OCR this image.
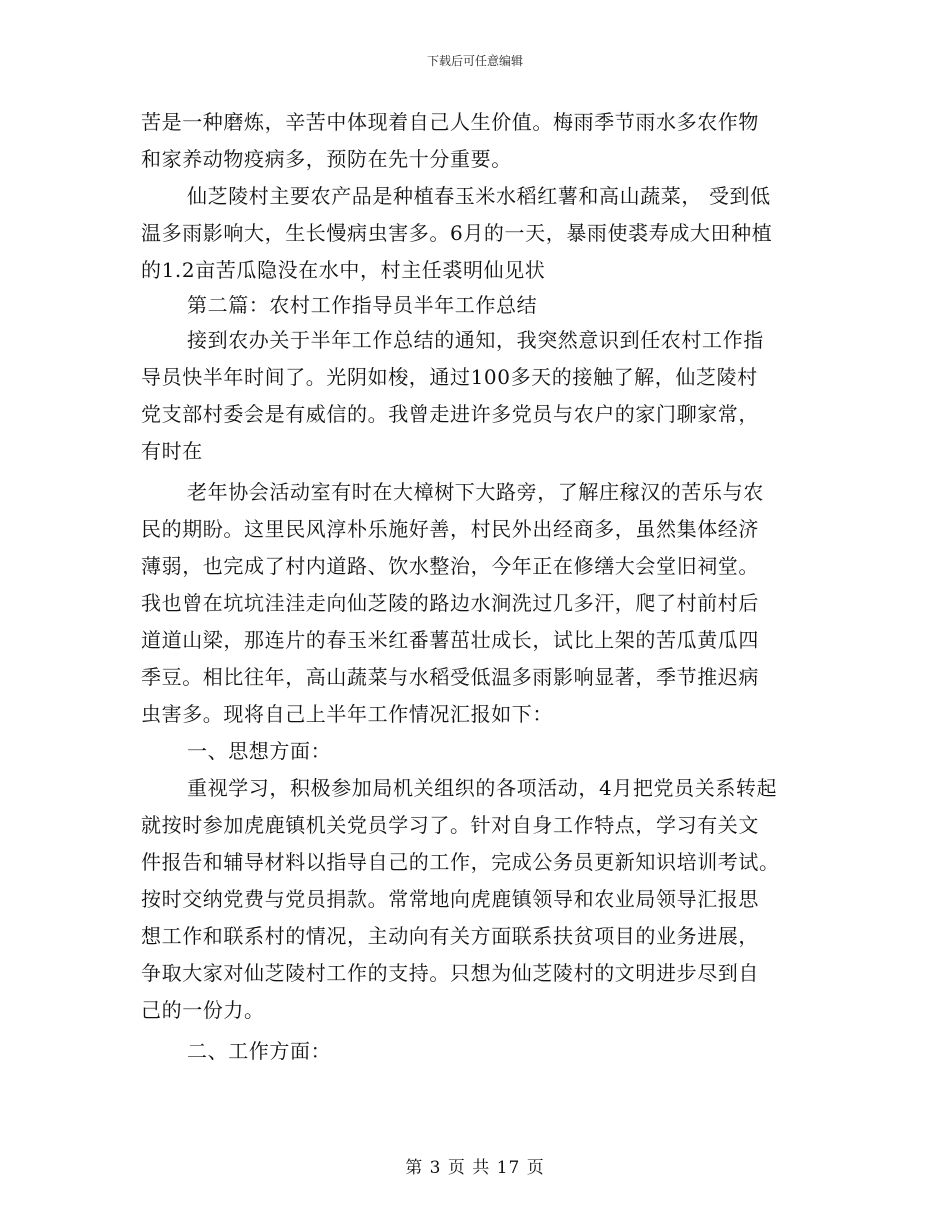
下载后可任意编辑
苦是一种磨炼，辛苦中体现着自己人生价值。梅雨季节雨水多农作物
和家养动物疫病多，预防在先十分重要。
仙芝陵村主要农产品是种植春玉米水稻红薯和高山蔬菜， 受到低
温多雨影响大，生长慢病虫害多。6月的一天，暴雨使裘寿成大田种植
的1.2亩苦瓜隐没在水中，村主任裘明仙见状
第二篇：农村工作指导员半年工作总结
接到农办关于半年工作总结的通知，我突然意识到任农村工作指
导员快半年时间了。光阴如梭，通过100多天的接触了解，仙芝陵村
党支部村委会是有威信的。我曾走进许多党员与农户的家门聊家常，
有时在
老年协会活动室有时在大樟树下大路旁，了解庄稼汉的苦乐与农
民的期盼。这里民风淳朴乐施好善，村民外出经商多，虽然集体经济
薄弱，也完成了村内道路、饮水整治，今年正在修缮大会堂旧祠堂。
我也曾在坑坑洼洼走向仙芝陵的路边水涧洗过几多汗，爬了村前村后
道道山梁，那连片的春玉米红番薯茁壮成长，试比上架的苦瓜黄瓜四
季豆。相比往年，高山蔬菜与水稻受低温多雨影响显著，季节推迟病
虫害多。现将自己上半年工作情况汇报如下：
一、思想方面：
重视学习，积极参加局机关组织的各项活动，4月把党员关系转起
就按时参加虎鹿镇机关党员学习了。针对自身工作特点，学习有关文
件报告和辅导材料以指导自己的工作，完成公务员更新知识培训考试。
按时交纳党费与党员捐款。常常地向虎鹿镇领导和农业局领导汇报思
想工作和联系村的情况，主动向有关方面联系扶贫项目的业务进展，
争取大家对仙芝陵村工作的支持。只想为仙芝陵村的文明进步尽到自
己的一份力。
二、工作方面：
第 3 页 共 17 页
